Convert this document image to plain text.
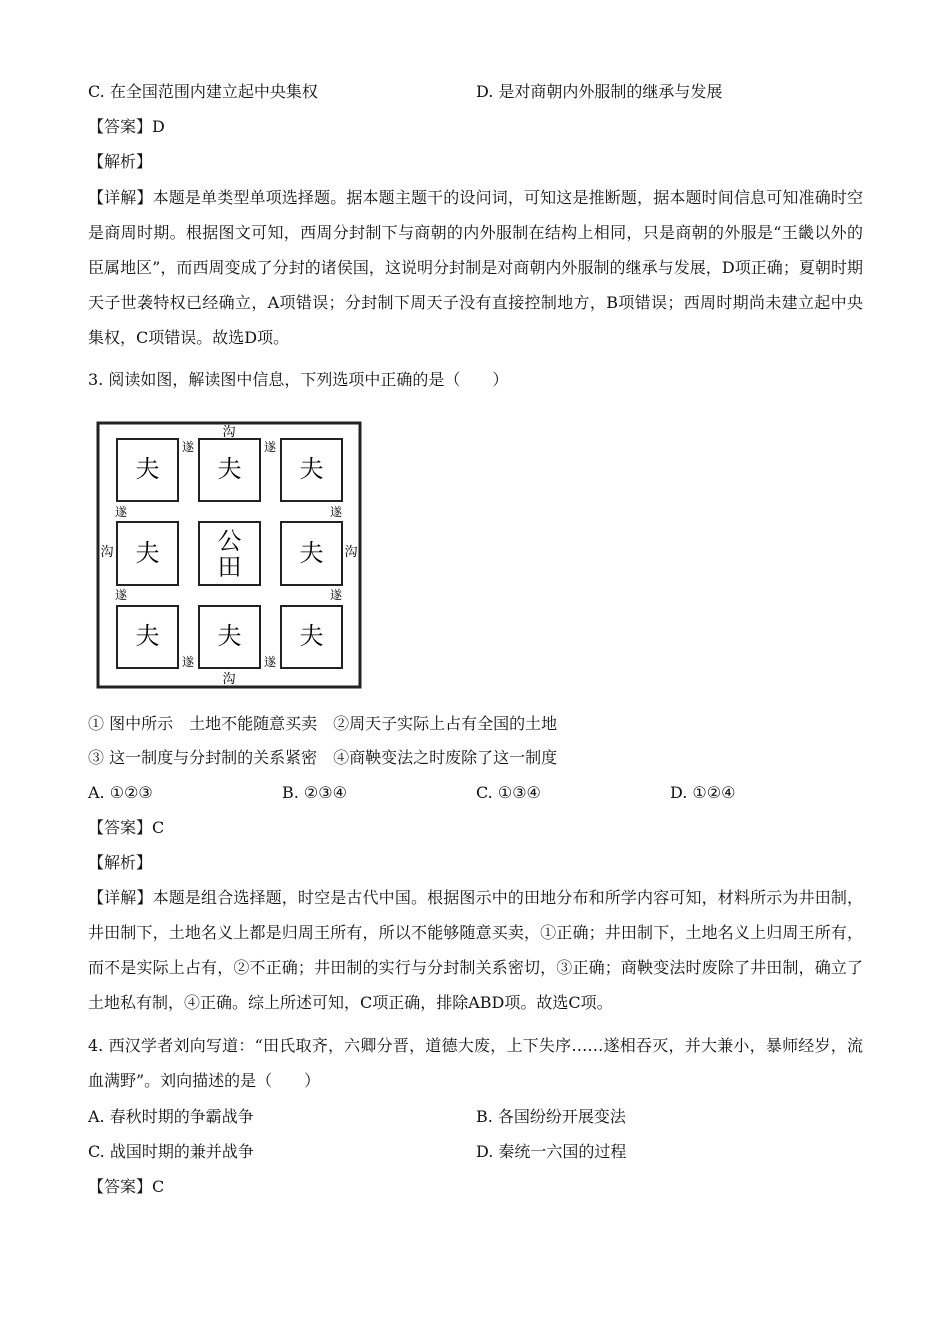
C. 在全国范围内建立起中央集权	D. 是对商朝内外服制的继承与发展
【答案】D
【解析】
【详解】本题是单类型单项选择题。据本题主题干的设问词，可知这是推断题，据本题时间信息可知准确时空是商周时期。根据图文可知，西周分封制下与商朝的内外服制在结构上相同，只是商朝的外服是“王畿以外的臣属地区”，而西周变成了分封的诸侯国，这说明分封制是对商朝内外服制的继承与发展，D项正确；夏朝时期天子世袭特权已经确立，A项错误；分封制下周天子没有直接控制地方，B项错误；西周时期尚未建立起中央集权，C项错误。故选D项。
3. 阅读如图，解读图中信息，下列选项中正确的是（　　）
夫 夫 夫
夫 公
田 夫
夫 夫 夫
沟
沟	沟
沟
遂	遂
遂	遂
遂	遂
遂	遂
① 图中所示　土地不能随意买卖　②周天子实际上占有全国的土地
③ 这一制度与分封制的关系紧密　④商鞅变法之时废除了这一制度
A. ①②③	B. ②③④	C. ①③④	D. ①②④
【答案】C
【解析】
【详解】本题是组合选择题，时空是古代中国。根据图示中的田地分布和所学内容可知，材料所示为井田制，井田制下，土地名义上都是归周王所有，所以不能够随意买卖，①正确；井田制下，土地名义上归周王所有，而不是实际上占有，②不正确；井田制的实行与分封制关系密切，③正确；商鞅变法时废除了井田制，确立了土地私有制，④正确。综上所述可知，C项正确，排除ABD项。故选C项。
4. 西汉学者刘向写道：“田氏取齐，六卿分晋，道德大废，上下失序……遂相吞灭，并大兼小，暴师经岁，流血满野”。刘向描述的是（　　）
A. 春秋时期的争霸战争	B. 各国纷纷开展变法
C. 战国时期的兼并战争	D. 秦统一六国的过程
【答案】C
